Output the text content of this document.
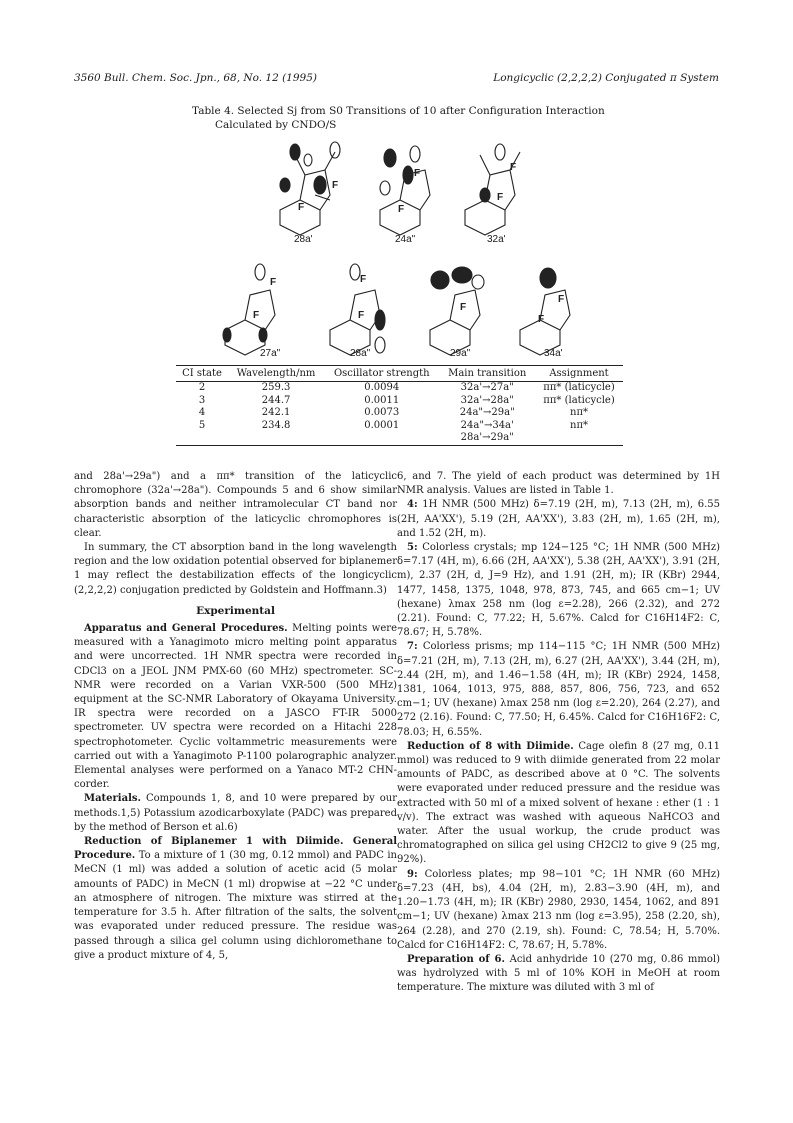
3560 Bull. Chem. Soc. Jpn., 68, No. 12 (1995)	Longicyclic (2,2,2,2) Conjugated π System
Table 4. Selected Sj from S0 Transitions of 10 after Configuration Interaction
Calculated by CNDO/S
F
F
F
F
F
F
F
F
F
F
F
F
F
28a'	24a"	32a'
27a"	28a"	29a"	34a'
CI state	Wavelength/nm	Oscillator strength	Main transition	Assignment
2	259.3	0.0094	32a'→27a"	ππ* (laticycle)
3	244.7	0.0011	32a'→28a"	ππ* (laticycle)
4	242.1	0.0073	24a"→29a"	nπ*
5	234.8	0.0001	24a"→34a'	nπ*
			28a'→29a"	

and 28a'→29a") and a ππ* transition of the laticyclic chromophore (32a'→28a"). Compounds 5 and 6 show similar absorption bands and neither intramolecular CT band nor characteristic absorption of the laticyclic chromophores is clear.

In summary, the CT absorption band in the long wavelength region and the low oxidation potential observed for biplanemer 1 may reflect the destabilization effects of the longicyclic (2,2,2,2) conjugation predicted by Goldstein and Hoffmann.3)

Experimental

Apparatus and General Procedures. Melting points were measured with a Yanagimoto micro melting point apparatus and were uncorrected. 1H NMR spectra were recorded in CDCl3 on a JEOL JNM PMX-60 (60 MHz) spectrometer. SC-NMR were recorded on a Varian VXR-500 (500 MHz) equipment at the SC-NMR Laboratory of Okayama University. IR spectra were recorded on a JASCO FT-IR 5000 spectrometer. UV spectra were recorded on a Hitachi 228 spectrophotometer. Cyclic voltammetric measurements were carried out with a Yanagimoto P-1100 polarographic analyzer. Elemental analyses were performed on a Yanaco MT-2 CHN-corder.

Materials. Compounds 1, 8, and 10 were prepared by our methods.1,5) Potassium azodicarboxylate (PADC) was prepared by the method of Berson et al.6)

Reduction of Biplanemer 1 with Diimide. General Procedure. To a mixture of 1 (30 mg, 0.12 mmol) and PADC in MeCN (1 ml) was added a solution of acetic acid (5 molar amounts of PADC) in MeCN (1 ml) dropwise at −22 °C under an atmosphere of nitrogen. The mixture was stirred at the temperature for 3.5 h. After filtration of the salts, the solvent was evaporated under reduced pressure. The residue was passed through a silica gel column using dichloromethane to give a product mixture of 4, 5,

6, and 7. The yield of each product was determined by 1H NMR analysis. Values are listed in Table 1.

4: 1H NMR (500 MHz) δ=7.19 (2H, m), 7.13 (2H, m), 6.55 (2H, AA'XX'), 5.19 (2H, AA'XX'), 3.83 (2H, m), 1.65 (2H, m), and 1.52 (2H, m).

5: Colorless crystals; mp 124−125 °C; 1H NMR (500 MHz) δ=7.17 (4H, m), 6.66 (2H, AA'XX'), 5.38 (2H, AA'XX'), 3.91 (2H, m), 2.37 (2H, d, J=9 Hz), and 1.91 (2H, m); IR (KBr) 2944, 1477, 1458, 1375, 1048, 978, 873, 745, and 665 cm−1; UV (hexane) λmax 258 nm (log ε=2.28), 266 (2.32), and 272 (2.21). Found: C, 77.22; H, 5.67%. Calcd for C16H14F2: C, 78.67; H, 5.78%.

7: Colorless prisms; mp 114−115 °C; 1H NMR (500 MHz) δ=7.21 (2H, m), 7.13 (2H, m), 6.27 (2H, AA'XX'), 3.44 (2H, m), 2.44 (2H, m), and 1.46−1.58 (4H, m); IR (KBr) 2924, 1458, 1381, 1064, 1013, 975, 888, 857, 806, 756, 723, and 652 cm−1; UV (hexane) λmax 258 nm (log ε=2.20), 264 (2.27), and 272 (2.16). Found: C, 77.50; H, 6.45%. Calcd for C16H16F2: C, 78.03; H, 6.55%.

Reduction of 8 with Diimide. Cage olefin 8 (27 mg, 0.11 mmol) was reduced to 9 with diimide generated from 22 molar amounts of PADC, as described above at 0 °C. The solvents were evaporated under reduced pressure and the residue was extracted with 50 ml of a mixed solvent of hexane : ether (1 : 1 v/v). The extract was washed with aqueous NaHCO3 and water. After the usual workup, the crude product was chromatographed on silica gel using CH2Cl2 to give 9 (25 mg, 92%).

9: Colorless plates; mp 98−101 °C; 1H NMR (60 MHz) δ=7.23 (4H, bs), 4.04 (2H, m), 2.83−3.90 (4H, m), and 1.20−1.73 (4H, m); IR (KBr) 2980, 2930, 1454, 1062, and 891 cm−1; UV (hexane) λmax 213 nm (log ε=3.95), 258 (2.20, sh), 264 (2.28), and 270 (2.19, sh). Found: C, 78.54; H, 5.70%. Calcd for C16H14F2: C, 78.67; H, 5.78%.

Preparation of 6. Acid anhydride 10 (270 mg, 0.86 mmol) was hydrolyzed with 5 ml of 10% KOH in MeOH at room temperature. The mixture was diluted with 3 ml of
